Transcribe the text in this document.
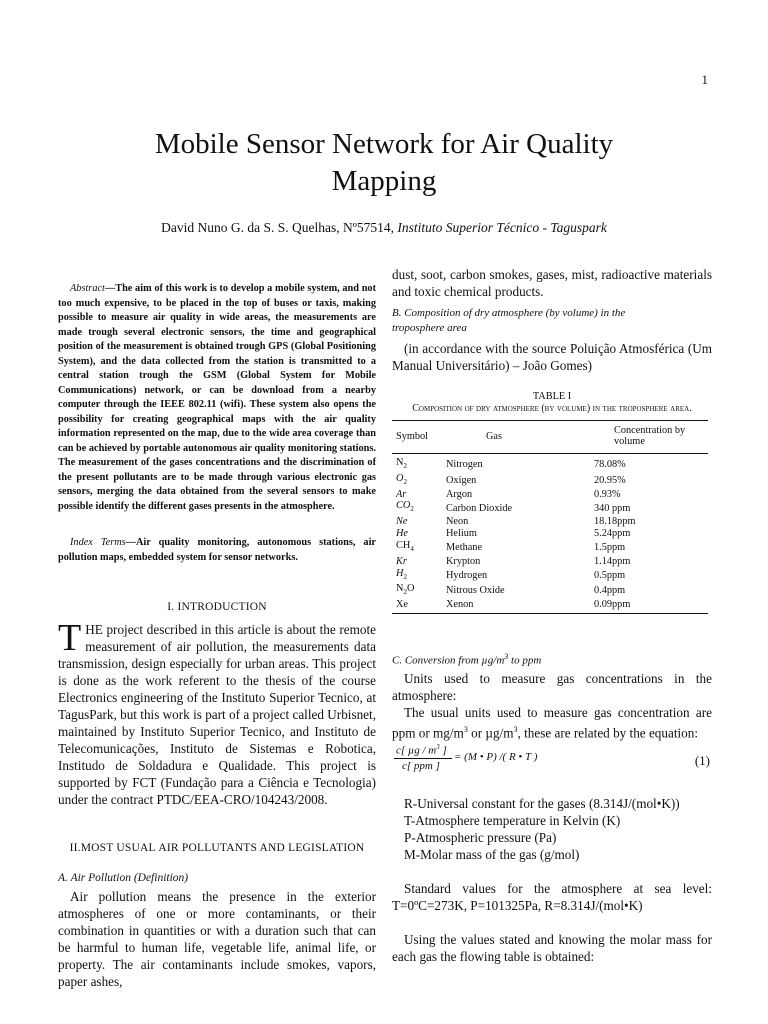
1
Mobile Sensor Network for Air Quality
Mapping
David Nuno G. da S. S. Quelhas, Nº57514, Instituto Superior Técnico - Taguspark

Abstract—The aim of this work is to develop a mobile system, and not too much expensive, to be placed in the top of buses or taxis, making possible to measure air quality in wide areas, the measurements are made trough several electronic sensors, the time and geographical position of the measurement is obtained trough GPS (Global Positioning System), and the data collected from the station is transmitted to a central station trough the GSM (Global System for Mobile Communications) network, or can be download from a nearby computer through the IEEE 802.11 (wifi). These system also opens the possibility for creating geographical maps with the air quality information represented on the map, due to the wide area coverage than can be achieved by portable autonomous air quality monitoring stations. The measurement of the gases concentrations and the discrimination of the present pollutants are to be made through various electronic gas sensors, merging the data obtained from the several sensors to make possible identify the different gases presents in the atmosphere.

Index Terms—Air quality monitoring, autonomous stations, air pollution maps, embedded system for sensor networks.

I. INTRODUCTION

T HE project described in this article is about the remote measurement of air pollution, the measurements data transmission, design especially for urban areas. This project is done as the work referent to the thesis of the course Electronics engineering of the Instituto Superior Tecnico, at TagusPark, but this work is part of a project called Urbisnet, maintained by Instituto Superior Tecnico, and Instituto de Telecomunicações, Instituto de Sistemas e Robotica, Institudo de Soldadura e Qualidade. This project is supported by FCT (Fundação para a Ciência e Tecnologia) under the contract PTDC/EEA-CRO/104243/2008.

II.MOST USUAL AIR POLLUTANTS AND LEGISLATION

A. Air Pollution (Definition)

Air pollution means the presence in the exterior atmospheres of one or more contaminants, or their combination in quantities or with a duration such that can be harmful to human life, vegetable life, animal life, or property. The air contaminants include smokes, vapors, paper ashes,

dust, soot, carbon smokes, gases, mist, radioactive materials and toxic chemical products.

B. Composition of dry atmosphere (by volume) in the
troposphere area

(in accordance with the source Poluição Atmosférica (Um Manual Universitário) – João Gomes)

TABLE I
Composition of dry atmosphere (by volume) in the troposphere area.
Symbol	Gas	Concentration by volume
$N_2$	Nitrogen	78.08%
$O_2$	Oxigen	20.95%
Ar	Argon	0.93%
$CO_2$	Carbon Dioxide	340 ppm
Ne	Neon	18.18ppm
He	Helium	5.24ppm
$CH_4$	Methane	1.5ppm
Kr	Krypton	1.14ppm
$H_2$	Hydrogen	0.5ppm
$N_2O$	Nitrous Oxide	0.4ppm
Xe	Xenon	0.09ppm

C. Conversion from $\mu g/m^3$ to ppm

Units used to measure gas concentrations in the atmosphere:

The usual units used to measure gas concentration are ppm or $mg/m^3$ or $\mu g/m^3$, these are related by the equation:

c[ µg / $m^3$ ]
c[ ppm ]
= (M • P) /( R • T )	(1)

R-Universal constant for the gases (8.314J/(mol•K))

T-Atmosphere temperature in Kelvin (K)

P-Atmospheric pressure (Pa)

M-Molar mass of the gas (g/mol)

Standard values for the atmosphere at sea level: T=0ºC=273K, P=101325Pa, R=8.314J/(mol•K)

Using the values stated and knowing the molar mass for each gas the flowing table is obtained:
